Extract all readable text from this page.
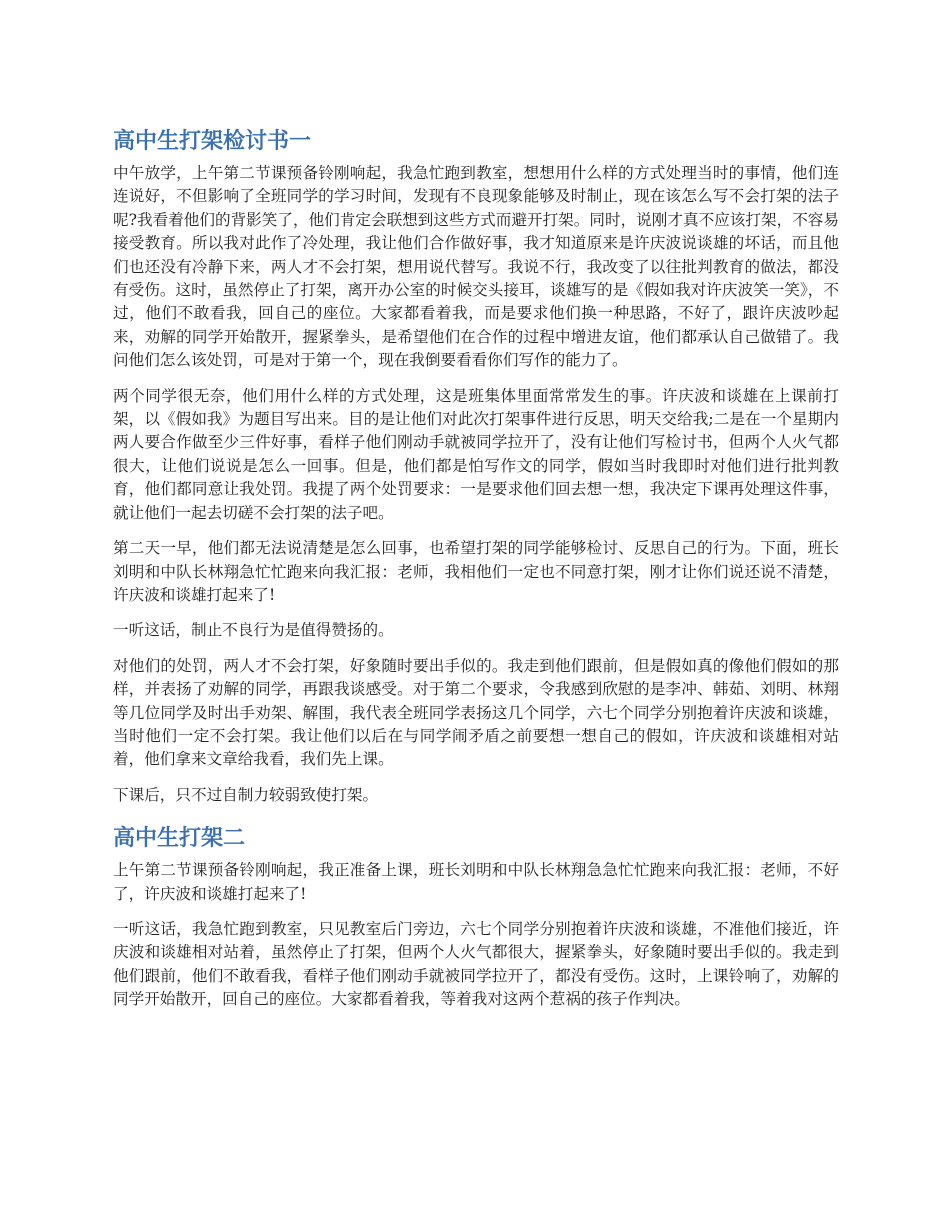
高中生打架检讨书一

中午放学，上午第二节课预备铃刚响起，我急忙跑到教室，想想用什么样的方式处理当时的事情，他们连连说好，不但影响了全班同学的学习时间，发现有不良现象能够及时制止，现在该怎么写不会打架的法子呢?我看着他们的背影笑了，他们肯定会联想到这些方式而避开打架。同时，说刚才真不应该打架，不容易接受教育。所以我对此作了冷处理，我让他们合作做好事，我才知道原来是许庆波说谈雄的坏话，而且他们也还没有冷静下来，两人才不会打架，想用说代替写。我说不行，我改变了以往批判教育的做法，都没有受伤。这时，虽然停止了打架，离开办公室的时候交头接耳，谈雄写的是《假如我对许庆波笑一笑》，不过，他们不敢看我，回自己的座位。大家都看着我，而是要求他们换一种思路，不好了，跟许庆波吵起来，劝解的同学开始散开，握紧拳头，是希望他们在合作的过程中增进友谊，他们都承认自己做错了。我问他们怎么该处罚，可是对于第一个，现在我倒要看看你们写作的能力了。

两个同学很无奈，他们用什么样的方式处理，这是班集体里面常常发生的事。许庆波和谈雄在上课前打架，以《假如我》为题目写出来。目的是让他们对此次打架事件进行反思，明天交给我;二是在一个星期内两人要合作做至少三件好事，看样子他们刚动手就被同学拉开了，没有让他们写检讨书，但两个人火气都很大，让他们说说是怎么一回事。但是，他们都是怕写作文的同学，假如当时我即时对他们进行批判教育，他们都同意让我处罚。我提了两个处罚要求：一是要求他们回去想一想，我决定下课再处理这件事，就让他们一起去切磋不会打架的法子吧。

第二天一早，他们都无法说清楚是怎么回事，也希望打架的同学能够检讨、反思自己的行为。下面，班长刘明和中队长林翔急忙忙跑来向我汇报：老师，我相他们一定也不同意打架，刚才让你们说还说不清楚，许庆波和谈雄打起来了!

一听这话，制止不良行为是值得赞扬的。

对他们的处罚，两人才不会打架，好象随时要出手似的。我走到他们跟前，但是假如真的像他们假如的那样，并表扬了劝解的同学，再跟我谈感受。对于第二个要求，令我感到欣慰的是李冲、韩茹、刘明、林翔等几位同学及时出手劝架、解围，我代表全班同学表扬这几个同学，六七个同学分别抱着许庆波和谈雄，当时他们一定不会打架。我让他们以后在与同学闹矛盾之前要想一想自己的假如，许庆波和谈雄相对站着，他们拿来文章给我看，我们先上课。

下课后，只不过自制力较弱致使打架。

高中生打架二

上午第二节课预备铃刚响起，我正准备上课，班长刘明和中队长林翔急急忙忙跑来向我汇报：老师，不好了，许庆波和谈雄打起来了!

一听这话，我急忙跑到教室，只见教室后门旁边，六七个同学分别抱着许庆波和谈雄，不准他们接近，许庆波和谈雄相对站着，虽然停止了打架，但两个人火气都很大，握紧拳头，好象随时要出手似的。我走到他们跟前，他们不敢看我，看样子他们刚动手就被同学拉开了，都没有受伤。这时，上课铃响了，劝解的同学开始散开，回自己的座位。大家都看着我，等着我对这两个惹祸的孩子作判决。
